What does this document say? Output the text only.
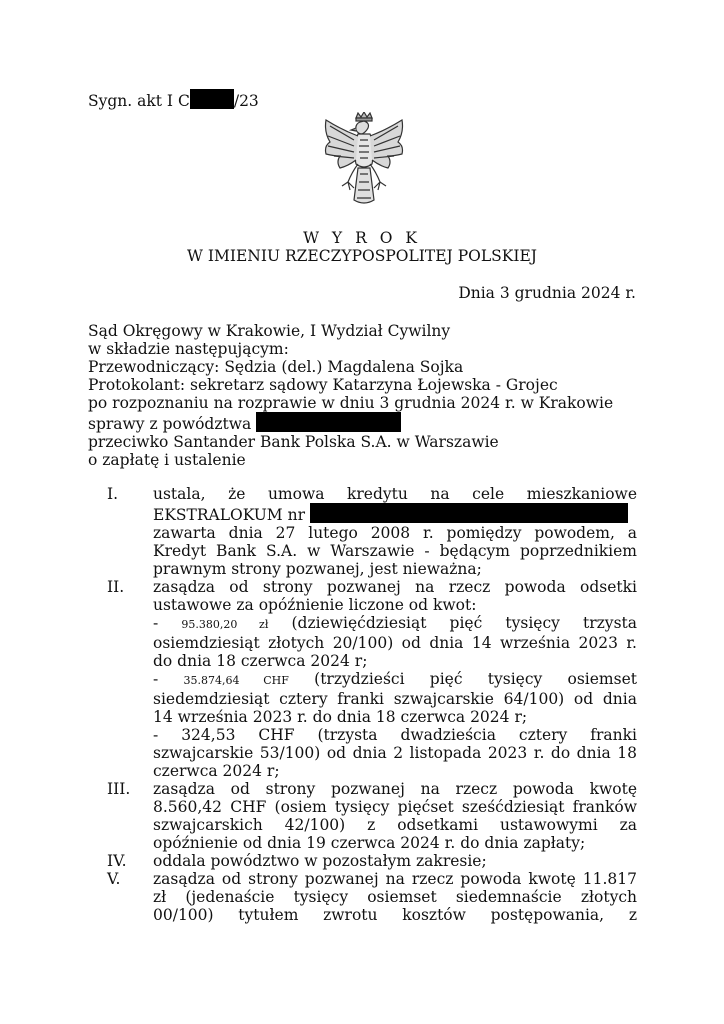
Sygn. akt I C	/23
W Y R O K
W IMIENIU RZECZYPOSPOLITEJ POLSKIEJ
Dnia 3 grudnia 2024 r.
Sąd Okręgowy w Krakowie, I Wydział Cywilny
w składzie następującym:
Przewodniczący: Sędzia (del.) Magdalena Sojka
Protokolant: sekretarz sądowy Katarzyna Łojewska - Grojec
po rozpoznaniu na rozprawie w dniu 3 grudnia 2024 r. w Krakowie
sprawy z powództwa
przeciwko Santander Bank Polska S.A. w Warszawie
o zapłatę i ustalenie
I.	ustala, że umowa kredytu na cele mieszkaniowe
EKSTRALOKUM nr
zawarta dnia 27 lutego 2008 r. pomiędzy powodem, a
Kredyt Bank S.A. w Warszawie - będącym poprzednikiem
prawnym strony pozwanej, jest nieważna;
II.	zasądza od strony pozwanej na rzecz powoda odsetki
ustawowe za opóźnienie liczone od kwot:
- 95.380,20 zł (dziewięćdziesiąt pięć tysięcy trzysta
osiemdziesiąt złotych 20/100) od dnia 14 września 2023 r.
do dnia 18 czerwca 2024 r;
- 35.874,64 CHF (trzydzieści pięć tysięcy osiemset
siedemdziesiąt cztery franki szwajcarskie 64/100) od dnia
14 września 2023 r. do dnia 18 czerwca 2024 r;
- 324,53 CHF (trzysta dwadzieścia cztery franki
szwajcarskie 53/100) od dnia 2 listopada 2023 r. do dnia 18
czerwca 2024 r;
III.	zasądza od strony pozwanej na rzecz powoda kwotę
8.560,42 CHF (osiem tysięcy pięćset sześćdziesiąt franków
szwajcarskich 42/100) z odsetkami ustawowymi za
opóźnienie od dnia 19 czerwca 2024 r. do dnia zapłaty;
IV.	oddala powództwo w pozostałym zakresie;
V.	zasądza od strony pozwanej na rzecz powoda kwotę 11.817
zł (jedenaście tysięcy osiemset siedemnaście złotych
00/100) tytułem zwrotu kosztów postępowania, z
